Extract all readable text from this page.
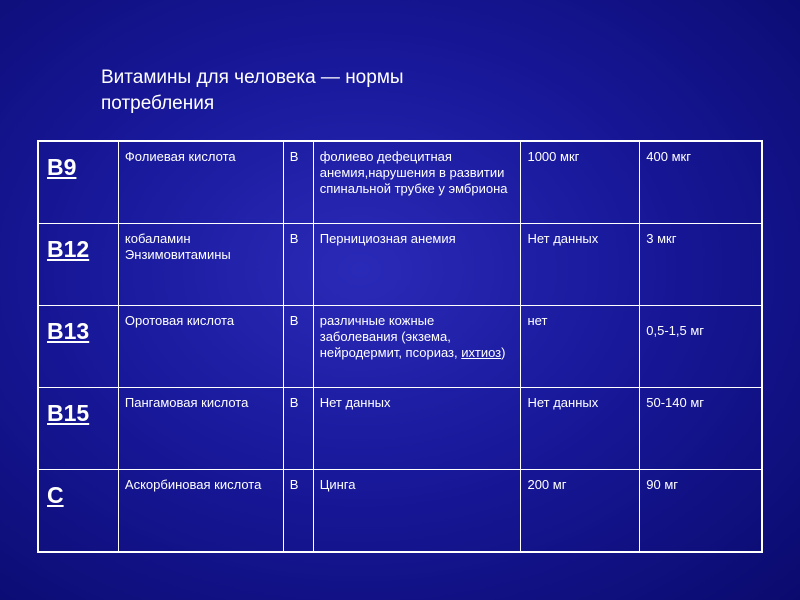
Витамины для человека — нормы потребления
B9	Фолиевая кислота	В	фолиево дефецитная анемия,нарушения в развитии спинальной трубке у эмбриона	1000 мкг	400 мкг
B12	кобаламин Энзимовитамины	В	Пернициозная анемия	Нет данных	3 мкг
B13	Оротовая кислота	В	различные кожные заболевания (экзема, нейродермит, псориаз, ихтиоз)	нет	0,5-1,5 мг

B15	Пангамовая кислота	В	Нет данных	Нет данных	50-140 мг
C	Аскорбиновая кислота	В	Цинга	200 мг	90 мг
